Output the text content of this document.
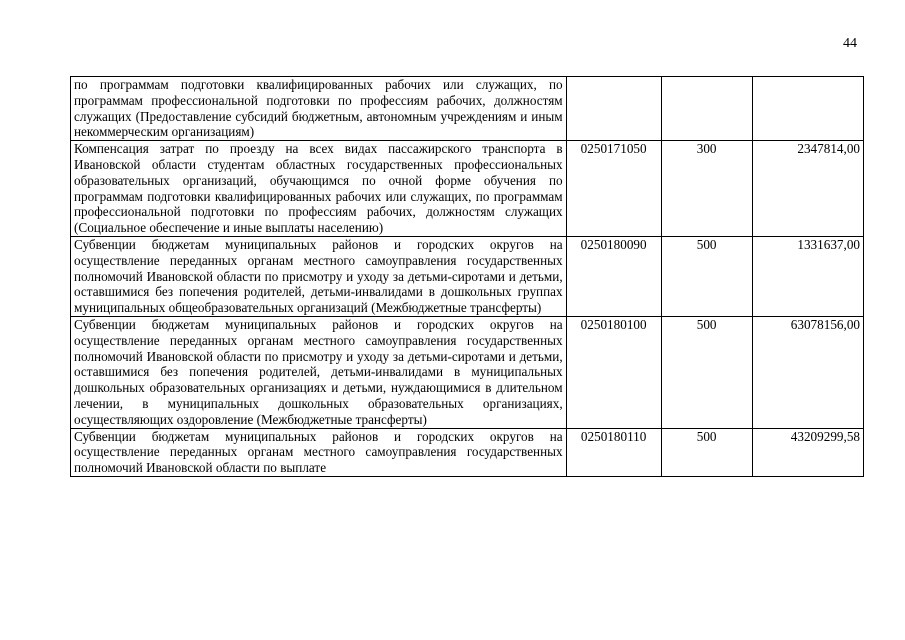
44
по программам подготовки квалифицированных рабочих или служащих, по программам профессиональной подготовки по профессиям рабочих, должностям служащих (Предоставление субсидий бюджетным, автономным учреждениям и иным некоммерческим организациям)			
Компенсация затрат по проезду на всех видах пассажирского транспорта в Ивановской области студентам областных государственных профессиональных образовательных организаций, обучающимся по очной форме обучения по программам подготовки квалифицированных рабочих или служащих, по программам профессиональной подготовки по профессиям рабочих, должностям служащих (Социальное обеспечение и иные выплаты населению)	0250171050	300	2347814,00
Субвенции бюджетам муниципальных районов и городских округов на осуществление переданных органам местного самоуправления государственных полномочий Ивановской области по присмотру и уходу за детьми-сиротами и детьми, оставшимися без попечения родителей, детьми-инвалидами в дошкольных группах муниципальных общеобразовательных организаций (Межбюджетные трансферты)	0250180090	500	1331637,00
Субвенции бюджетам муниципальных районов и городских округов на осуществление переданных органам местного самоуправления государственных полномочий Ивановской области по присмотру и уходу за детьми-сиротами и детьми, оставшимися без попечения родителей, детьми-инвалидами в муниципальных дошкольных образовательных организациях и детьми, нуждающимися в длительном лечении, в муниципальных дошкольных образовательных организациях, осуществляющих оздоровление (Межбюджетные трансферты)	0250180100	500	63078156,00
Субвенции бюджетам муниципальных районов и городских округов на осуществление переданных органам местного самоуправления государственных полномочий Ивановской области по выплате	0250180110	500	43209299,58
